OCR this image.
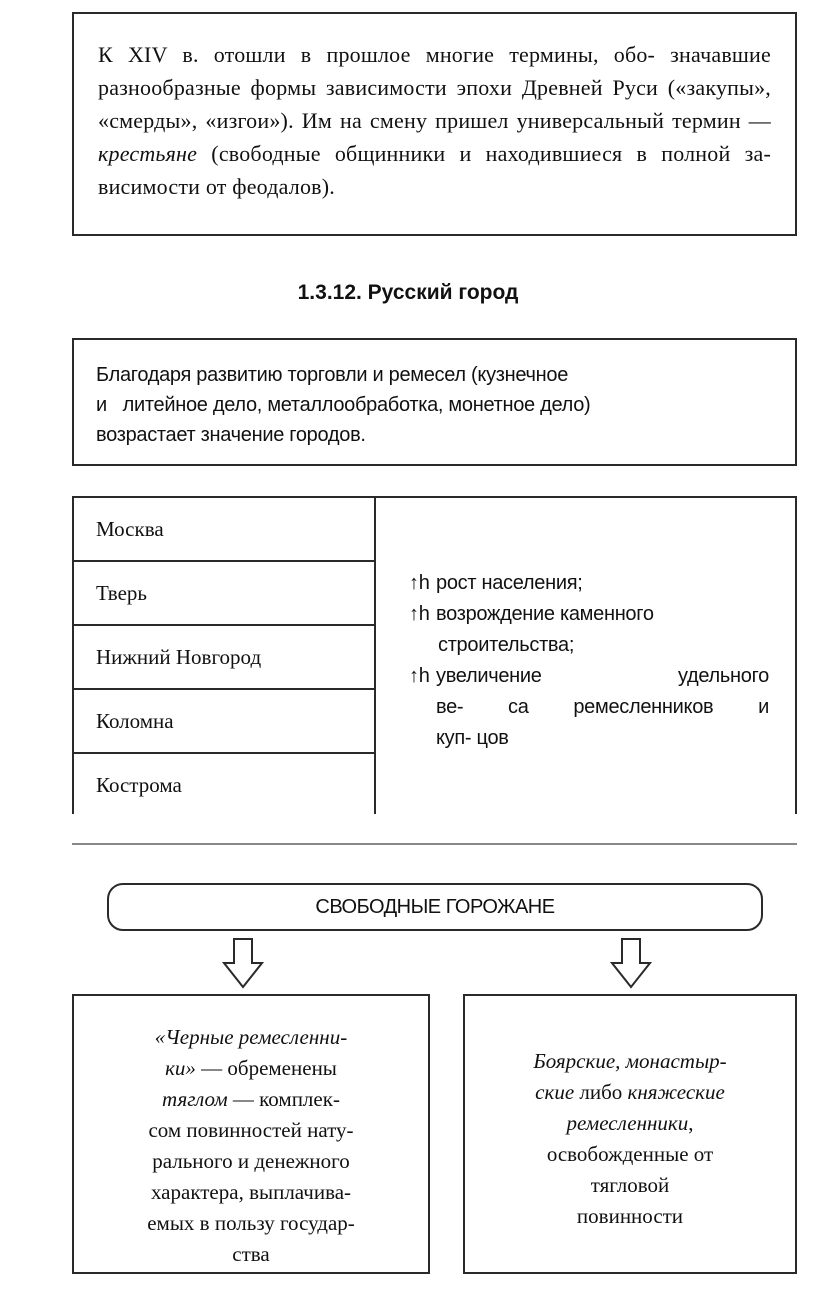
К XIV в. отошли в прошлое многие термины, обо- значавшие разнообразные формы зависимости эпохи Древней Руси («закупы», «смерды», «изгои»). Им на смену пришел универсальный термин — крестьяне (свободные общинники и находившиеся в полной за- висимости от феодалов).
1.3.12. Русский город
Благодаря развитию торговли и ремесел (кузнечное
и   литейное дело, металлообработка, монетное дело)
возрастает значение городов.
Москва
Тверь
Нижний Новгород
Коломна
Кострома
↑h рост населения;
↑h возрождение каменного
строительства;
↑h увеличение удельного
ве- са ремесленников и
куп- цов
СВОБОДНЫЕ ГОРОЖАНЕ
«Черные ремесленни-
ки» — обременены
тяглом — комплек-
сом повинностей нату-
рального и денежного
характера, выплачива-
емых в пользу государ-
ства
Боярские, монастыр-
ские либо княжеские
ремесленники,
освобожденные от
тягловой
повинности
